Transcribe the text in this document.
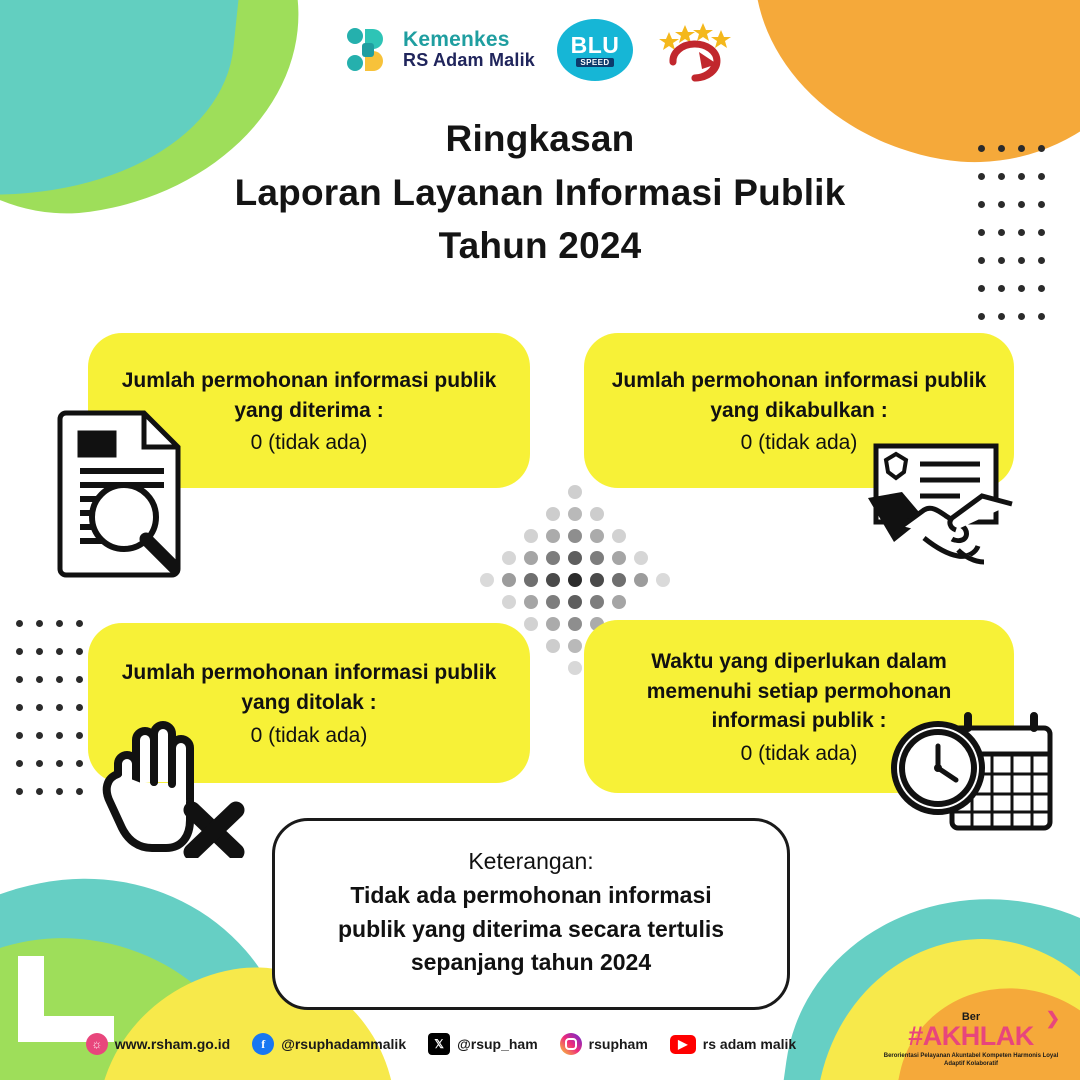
Kemenkes
RS Adam Malik
BLU
SPEED
Ringkasan
Laporan Layanan Informasi Publik
Tahun 2024
Jumlah permohonan informasi publik yang diterima :
0 (tidak ada)
Jumlah permohonan informasi publik yang dikabulkan :
0 (tidak ada)
Jumlah permohonan informasi publik yang ditolak :
0 (tidak ada)
Waktu yang diperlukan dalam memenuhi setiap permohonan informasi publik :
0 (tidak ada)
Keterangan:
Tidak ada permohonan informasi
publik yang diterima secara tertulis
sepanjang tahun 2024
☼ www.rsham.go.id	f	@rsuphadammalik	𝕏 @rsup_ham	rsupham	▶	rs adam malik
❯
Ber
#AKHLAK
Berorientasi Pelayanan Akuntabel Kompeten Harmonis Loyal Adaptif Kolaboratif
